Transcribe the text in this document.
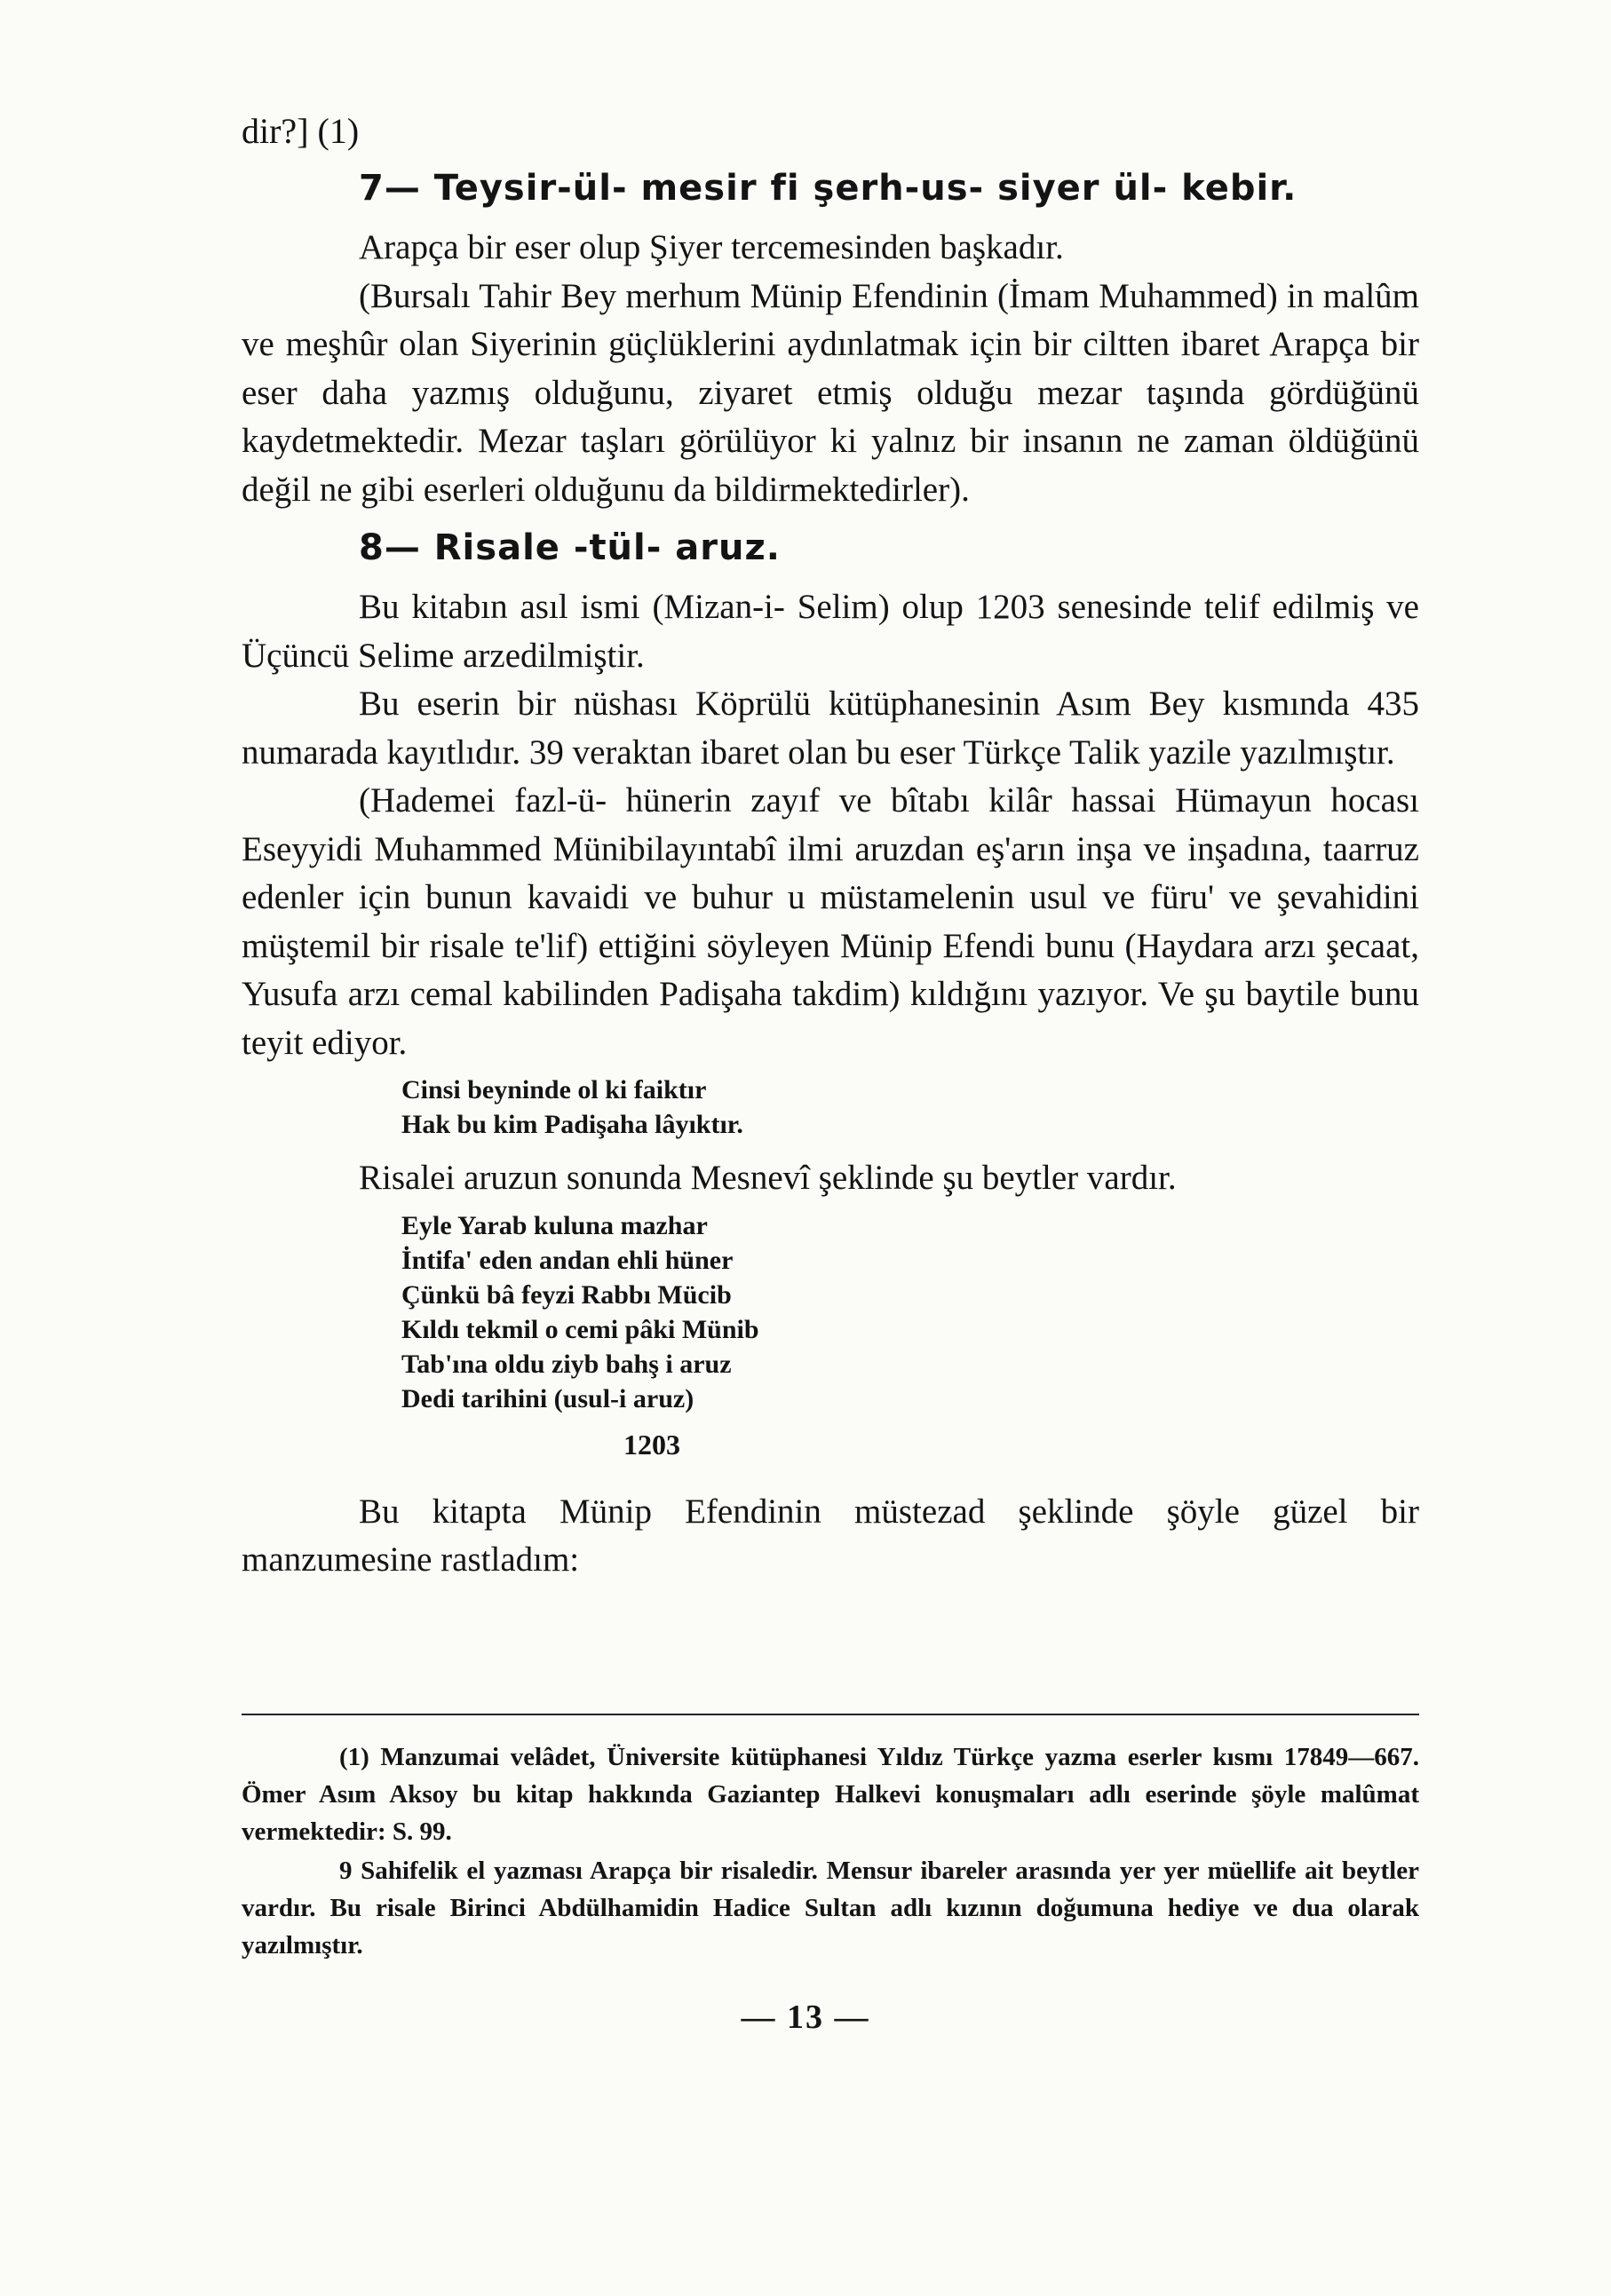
dir?] (1)

7— Teysir-ül- mesir fi şerh-us- siyer ül- kebir.

Arapça bir eser olup Şiyer tercemesinden başkadır.

(Bursalı Tahir Bey merhum Münip Efendinin (İmam Muhammed) in malûm ve meşhûr olan Siyerinin güçlüklerini aydınlatmak için bir ciltten ibaret Arapça bir eser daha yazmış olduğunu, ziyaret etmiş olduğu mezar taşında gördüğünü kaydetmektedir. Mezar taşları görülüyor ki yalnız bir insanın ne zaman öldüğünü değil ne gibi eserleri olduğunu da bildirmektedirler).

8— Risale -tül- aruz.

Bu kitabın asıl ismi (Mizan-i- Selim) olup 1203 senesinde telif edilmiş ve Üçüncü Selime arzedilmiştir.

Bu eserin bir nüshası Köprülü kütüphanesinin Asım Bey kısmında 435 numarada kayıtlıdır. 39 veraktan ibaret olan bu eser Türkçe Talik yazile yazılmıştır.

(Hademei fazl-ü- hünerin zayıf ve bîtabı kilâr hassai Hümayun hocası Eseyyidi Muhammed Münibilayıntabî ilmi aruzdan eş'arın inşa ve inşadına, taarruz edenler için bunun kavaidi ve buhur u müstamelenin usul ve füru' ve şevahidini müştemil bir risale te'lif) ettiğini söyleyen Münip Efendi bunu (Haydara arzı şecaat, Yusufa arzı cemal kabilinden Padişaha takdim) kıldığını yazıyor. Ve şu baytile bunu teyit ediyor.

Cinsi beyninde ol ki faiktır
Hak bu kim Padişaha lâyıktır.

Risalei aruzun sonunda Mesnevî şeklinde şu beytler vardır.

Eyle Yarab kuluna mazhar
İntifa' eden andan ehli hüner
Çünkü bâ feyzi Rabbı Mücib
Kıldı tekmil o cemi pâki Münib
Tab'ına oldu ziyb bahş i aruz
Dedi tarihini (usul-i aruz)
1203

Bu kitapta Münip Efendinin müstezad şeklinde şöyle güzel bir manzumesine rastladım:

(1) Manzumai velâdet, Üniversite kütüphanesi Yıldız Türkçe yazma eserler kısmı 17849—667. Ömer Asım Aksoy bu kitap hakkında Gaziantep Halkevi konuşmaları adlı eserinde şöyle malûmat vermektedir: S. 99.

9 Sahifelik el yazması Arapça bir risaledir. Mensur ibareler arasında yer yer müellife ait beytler vardır. Bu risale Birinci Abdülhamidin Hadice Sultan adlı kızının doğumuna hediye ve dua olarak yazılmıştır.

— 13 —
